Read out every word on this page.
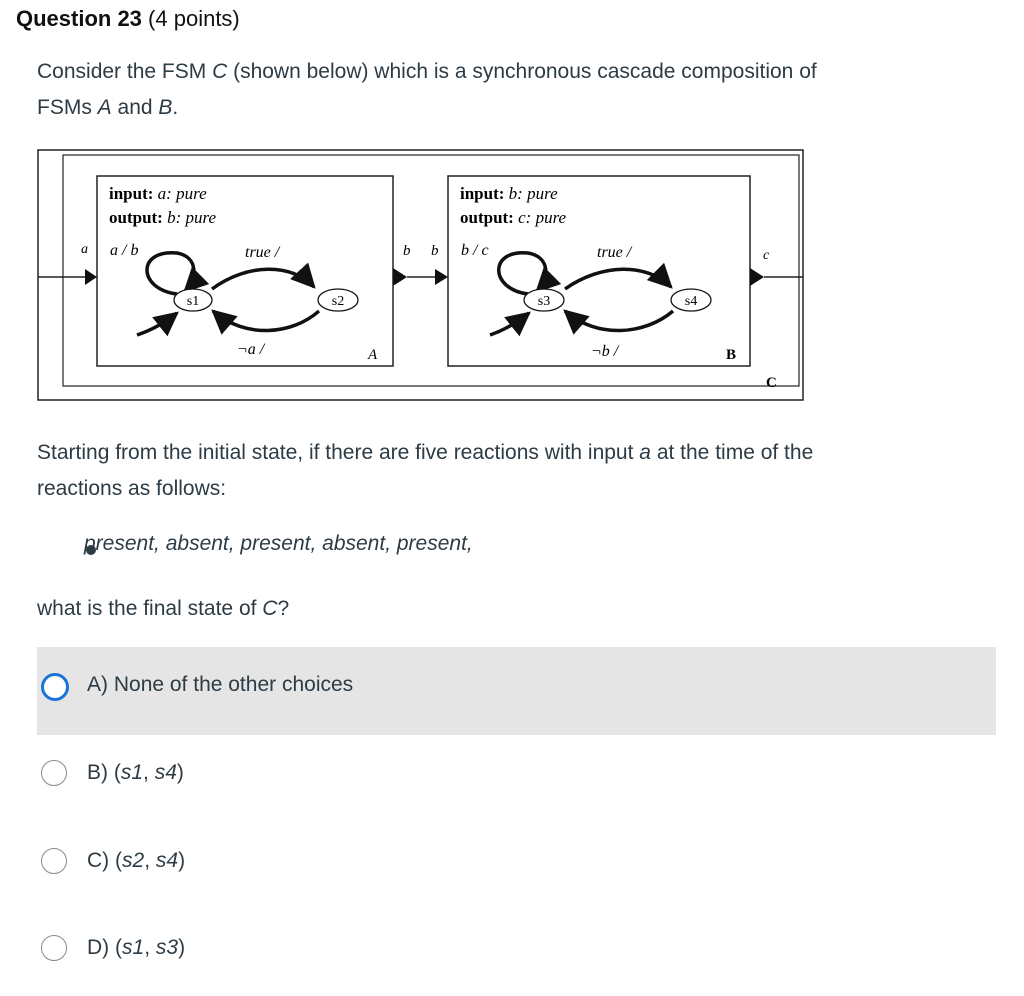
Question 23 (4 points)
Consider the FSM C (shown below) which is a synchronous cascade composition of
FSMs A and B.
input: a: pure
output: b: pure
input: b: pure
output: c: pure
a	b b	c
a / b	true /
¬a /	A
s1	s2
b / c	true /
¬b /	B
s3	s4
C
Starting from the initial state, if there are five reactions with input a at the time of the
reactions as follows:
present, absent, present, absent, present,
what is the final state of C?
A) None of the other choices
B) (s1, s4)
C) (s2, s4)
D) (s1, s3)
